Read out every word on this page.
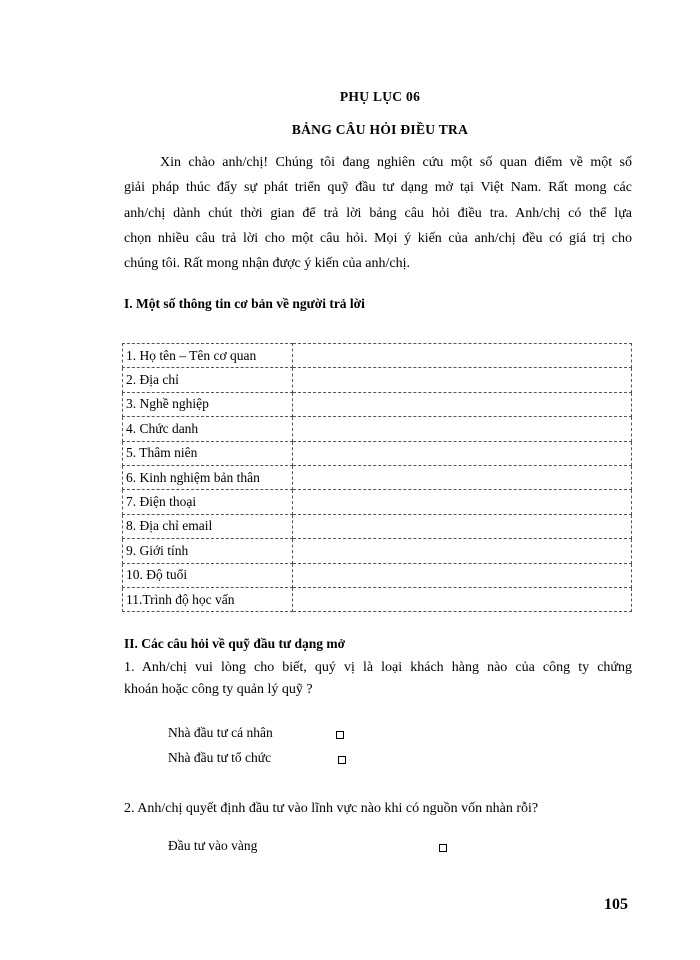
PHỤ LỤC 06
BẢNG CÂU HỎI ĐIỀU TRA
Xin chào anh/chị! Chúng tôi đang nghiên cứu một số quan điểm về một số
giải pháp thúc đẩy sự phát triển quỹ đầu tư dạng mở tại Việt Nam. Rất mong các
anh/chị dành chút thời gian để trả lời bảng câu hỏi điều tra. Anh/chị có thể lựa
chọn nhiều câu trả lời cho một câu hỏi. Mọi ý kiến của anh/chị đều có giá trị cho
chúng tôi. Rất mong nhận được ý kiến của anh/chị.
I. Một số thông tin cơ bản về người trả lời
1. Họ tên – Tên cơ quan	
2. Địa chỉ	
3. Nghề nghiệp	
4. Chức danh	
5. Thâm niên	
6. Kinh nghiệm bản thân	
7. Điện thoại	
8. Địa chỉ email	
9. Giới tính	
10. Độ tuổi	
11.Trình độ học vấn	
II. Các câu hỏi về quỹ đầu tư dạng mở
1. Anh/chị vui lòng cho biết, quý vị là loại khách hàng nào của công ty chứng
khoán hoặc công ty quản lý quỹ ?
Nhà đầu tư cá nhân
Nhà đầu tư tổ chức
2. Anh/chị quyết định đầu tư vào lĩnh vực nào khi có nguồn vốn nhàn rỗi?
Đầu tư vào vàng
105
